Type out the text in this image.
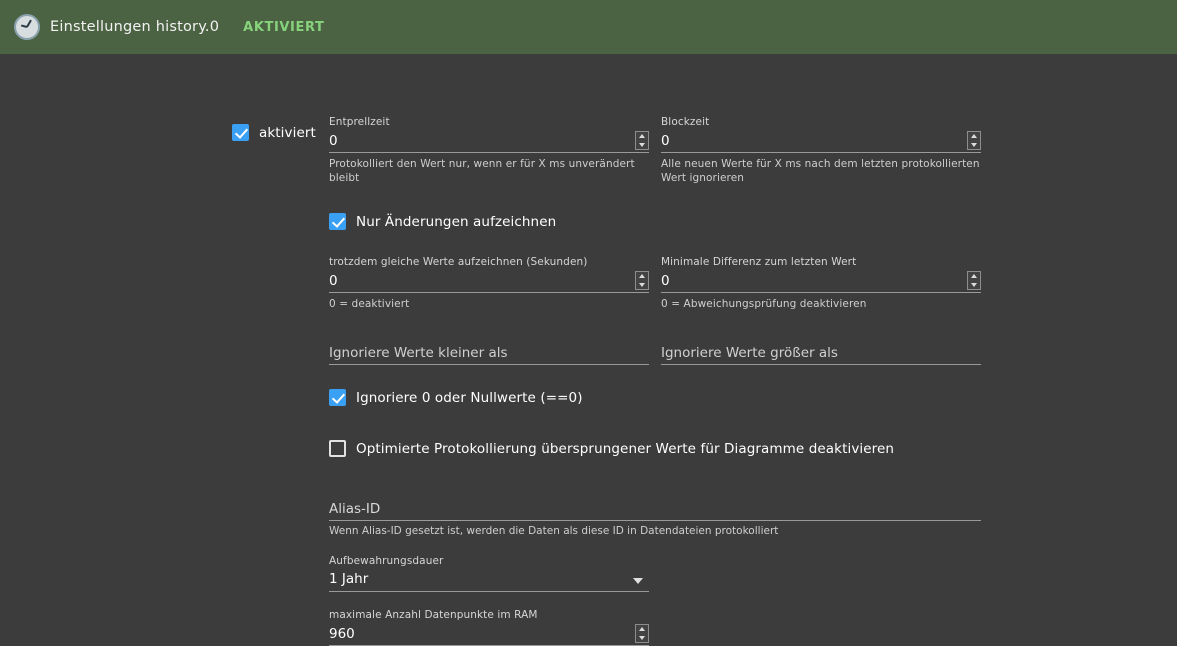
Einstellungen history.0 AKTIVIERT
aktiviert
Entprellzeit
0
Protokolliert den Wert nur, wenn er für X ms unverändert bleibt
Blockzeit
0
Alle neuen Werte für X ms nach dem letzten protokollierten Wert ignorieren
Nur Änderungen aufzeichnen
trotzdem gleiche Werte aufzeichnen (Sekunden)
0
0 = deaktiviert
Minimale Differenz zum letzten Wert
0
0 = Abweichungsprüfung deaktivieren
Ignoriere Werte kleiner als
Ignoriere Werte größer als
Ignoriere 0 oder Nullwerte (==0)
Optimierte Protokollierung übersprungener Werte für Diagramme deaktivieren
Alias-ID
Wenn Alias-ID gesetzt ist, werden die Daten als diese ID in Datendateien protokolliert
Aufbewahrungsdauer
1 Jahr
maximale Anzahl Datenpunkte im RAM
960
